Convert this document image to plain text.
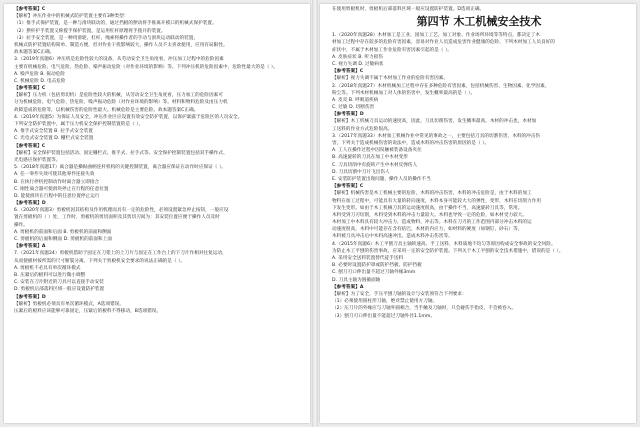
【参考答案】C
【解析】冲压作业中的机械式防护装置主要有3种类型：
（1）推手式保护装置，是一种与滑块联动的，通过挡板的摆动将手推离开模口的机械式保护装置。
（2）摆杆护手装置又称拨手保护装置，是运用杠杆原理将手拨开的装置。
（3）拉手安全装置，是一种用滑轮、杠杆、绳索将操作者的手动与滑块运动联动的装置。
机械式防护装置结构简单、制造方便，但对作业干扰影响较大，操作人员不太喜欢使用，应用有局限性。
故本题答案C正确。
3.（2019年真题6）冲压机是危险性较大的设备，从劳动安全卫生角度看，冲压加工过程中的危险因素
主要有机械危险、电气危险、热危险、噪声振动危险（对作业环境的影响）等。下列冲压机的危险因素中，危险性最大的是（ ）。
A. 噪声危险 B. 振动危险
C. 机械危险 D. 电击危险
【参考答案】C
【解析】压力机（包括剪切机）是危险性较大的机械，从劳动安全卫生角度看，压力加工的危险因素可
分为机械危险、电气危险、热危险、噪声振动危险（对作业环境的影响）等。材料和物料危险及由压力机
故障造成的危险等，以机械伤害的危险性最大。机械危险是主要危险。故本题答案C正确。
4.（2019年真题5）为保证人员安全，冲压作业区应设置有效安全防护装置，以保护暴露于危险区的人员安全。
下列安全防护装置中，属于压力机安全保护控制装置的是（ ）。
A. 推手式安全装置 B. 拉手式安全装置
C. 光电式安全装置 D. 栅栏式安全装置
【参考答案】C
【解析】安全保护装置包括活动、固定栅栏式、推手式、拉手式等。安全保护控制装置包括双手操作式、
光电感应保护装置等。
5.（2018年真题17）离合器是操纵曲柄连杆机构的关键控制装置，离合器应保证在动作时应保证（ ）。
A. 任一零件失效可使其他零件连接失效
B. 在执行停机控制动作时离合器立即接合
C. 刚性离合器可使滑块停止在行程的任意位置
D. 能使滑块在行程中的任意位置停止运行
【参考答案】D
6.（2020年真题3）剪板机因其结构及作用机理而具有一定的危险性，必须设置紧急停止按钮，一般应设
置在剪板机的（ ）处，工作时，剪板机的剪切面积及其剪切刃间为：其安装位置应便于操作人员及时
操作。
A. 剪板机的前面和后面 B. 剪板机的前面和侧面
C. 剪板机的后面和侧面 D. 剪板机的前面和上面
【参考答案】A
7.（2021年真题24）剪板机借助于固定在刀架上的上刀片与固定在工作台上的下刀片作相对往复运动，
从而使板材按所需的尺寸断裂分离。下列关于剪板机安全要求的说法正确的是（ ）。
A. 剪板机不必具有单次循环模式
B. 压紧后的板料可以进行微小调整
C. 安装在刀片附近的刀具可以直接手动安装
D. 剪板机后部落料区域一般应设置防护装置
【参考答案】D
【解析】剪板机必须具有单次循环模式，A选项错误。
压紧后的板料应该能够可靠固定，压紧后的板料不得移动，B选项错误。
在使用剪板机时，剪板机后部落料区域一般应设置防护装置。D选项正确。
第四节 木工机械安全技术
1.（2020年真题28）木材加工是工业、国加工工艺，加工对象、作业场所环境等等特点，都决定了木
材加工过程中存在较多的危险有害因素，容易对作业人员造成危害作业健康的危险。下列木材加工人员良好的
症状中，不属于木材加工作业危险有害因素引起的是（ ）。
A. 皮肤症状 B. 听力损伤
C. 视力失调 D. 过敏病状
【参考答案】C
【解析】视力失调不属于木材加工作业的危险有害因素。
2.（2018年真题27）木材机械加工过程中存在多种危险有害因素，包括机械伤害、生物因素、化学因素、
粉尘等。下列木材机械加工对人体的伤害中，发生概率最高的是（ ）。
A. 皮炎 B. 呼吸道疾病
C. 过敏 D. 切断伤害
【参考答案】D
【解析】木工机械刀具运动的速度高，因此，刀具切削伤害，发生概率最高。木材的冲击也，木材加
工送料的作业方式危险很高。
3.（2017年真题33）木材加工机械作业中常见的事故之一，主要包括刀具的切割伤害，木料的冲击伤
害，下列关于造成机械伤害的说法中，造成木料的冲击伤害的原因的是（ ）。
A. 工人在操作过程中因误触被装备设备夹住
B. 高速旋转的刀具在加工中木材变形
C. 刀具切削中有旋转产生中木材反弹伤人
D. 刀具切割中刀片飞出伤人
E. 安装防护装置出现问题，操作人员的操作不当
【参考答案】C
【解析】机械伤害是木工机械主要的危险，木料的冲击伤害，木料的冲击危险是，由于木料的加工
物料在加工过程中，可能具有大量的转向速度，木料本身可能较大大的弹性，变形，木料在切削力作用
下发生变形。如由于木工机械刀具的运动速度很高，由于操作不当，高速旋转刀具等，常用。
木料受到刀刃切削，木料受到木料的冲击力量较大。木料也导致一定的危险，如木材受力较大。
木材加工中木料具有较大冲击力，造成物料、冲击等。木料在刀刃的工作范围内部分冲击木料的运
动速度很高，木料中可能存在含有结巴，木材的内应力，如材料的硬度（如钢钉、砂石）等，
木料被刀具冲击后中木料高速冲出。造成木料冲击伤害等。
4.（2015年真题6）木工平刨刀具主轴转速高、手工送料、木料质地不均匀等原因构成安全事故的安全风险。
为防止木工平刨的伤害事故，应采用一定的安全防护装置。下列关于木工平刨的安全技术措施中，错误的是（ ）。
A. 采用安全送料装置替代徒手送料
B. 必要时设置防护罩或防护挡板、防护挡板
C. 刨刀刃口伸出量不超过刀轴外缘3mm
D. 刀具主轴为圆截面轴
【参考答案】A
【解析】为了安全，手压平刨刀轴的设计与安装须符合下列要求：
（1）必须使用圆柱形刀轴，绝对禁止使用方刀轴。
（2）压刀片的外缘应与刀轴外圆相合，当手触及刀轴时，只会碰伤手指皮，不会被卷入。
（3）刨刀刃口伸出量不能超过刀轴外径1.1mm。
